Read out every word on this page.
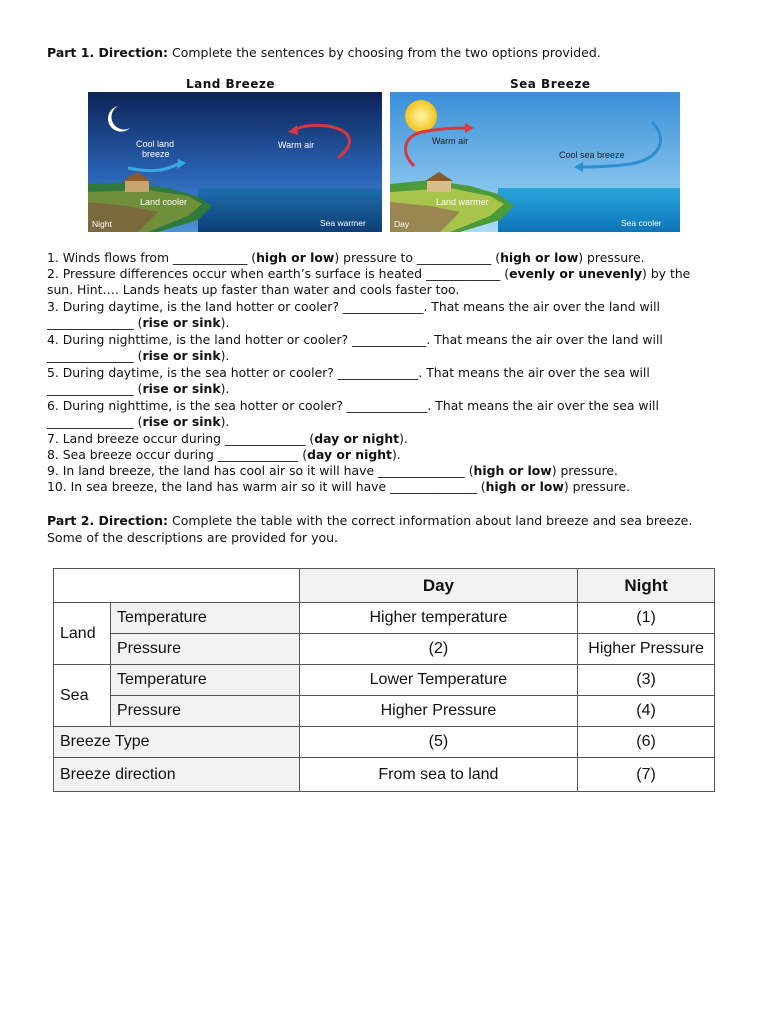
Part 1. Direction: Complete the sentences by choosing from the two options provided.
Land Breeze	Sea Breeze
Cool land
breeze
Warm air
Land cooler
Night	Sea warmer
Warm air
Cool sea breeze
Land warmer
Day	Sea cooler
1. Winds flows from ____________ (high or low) pressure to ____________ (high or low) pressure.
2. Pressure differences occur when earth’s surface is heated ____________ (evenly or unevenly) by the sun. Hint…. Lands heats up faster than water and cools faster too.
3. During daytime, is the land hotter or cooler? _____________. That means the air over the land will ______________ (rise or sink).
4. During nighttime, is the land hotter or cooler? ____________. That means the air over the land will ______________ (rise or sink).
5. During daytime, is the sea hotter or cooler? _____________. That means the air over the sea will ______________ (rise or sink).
6. During nighttime, is the sea hotter or cooler? _____________. That means the air over the sea will ______________ (rise or sink).
7. Land breeze occur during _____________ (day or night).
8. Sea breeze occur during _____________ (day or night).
9. In land breeze, the land has cool air so it will have ______________ (high or low) pressure.
10. In sea breeze, the land has warm air so it will have ______________ (high or low) pressure.
Part 2. Direction: Complete the table with the correct information about land breeze and sea breeze. Some of the descriptions are provided for you.
		Day	Night
Land	Temperature	Higher temperature	(1)
	Pressure	(2)	Higher Pressure
Sea	Temperature	Lower Temperature	(3)
	Pressure	Higher Pressure	(4)
Breeze Type		(5)	(6)
Breeze direction		From sea to land	(7)
